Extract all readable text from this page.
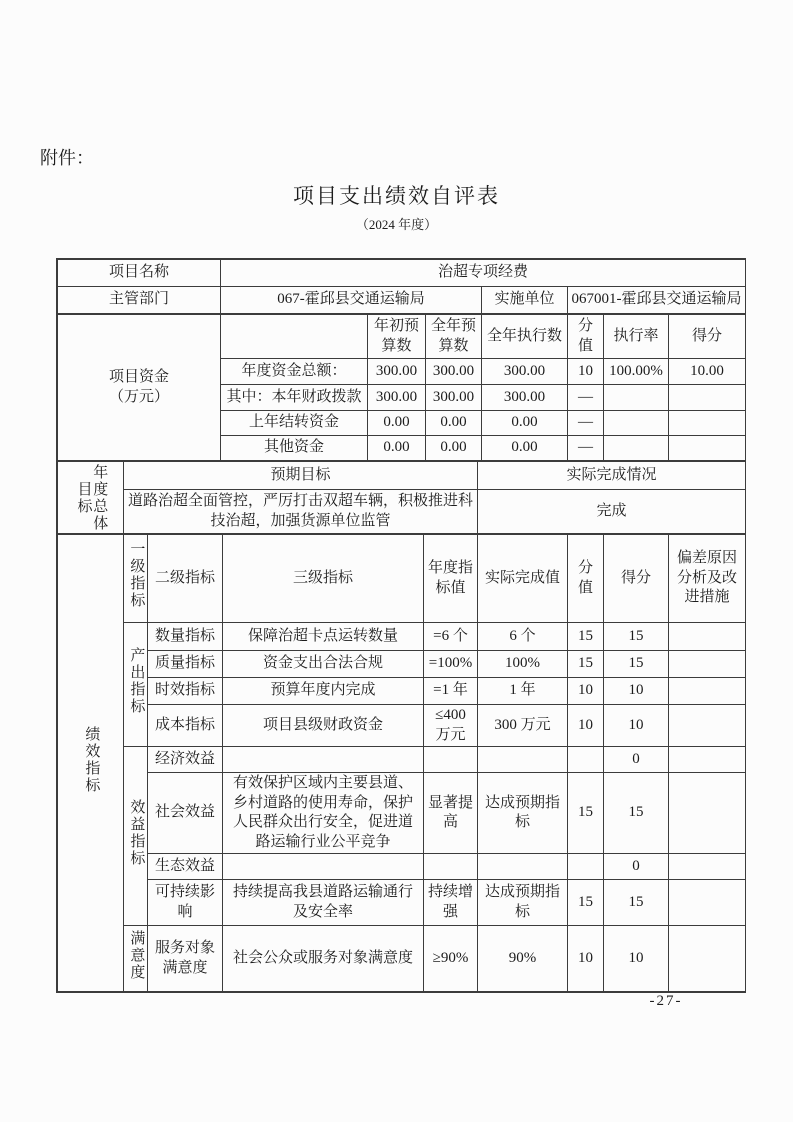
附件：
项目支出绩效自评表
（2024 年度）
项目名称	治超专项经费		
主管部门	067-霍邱县交通运输局	实施单位	067001-霍邱县交通运输局
项目资金
（万元）		年初预算数	全年预算数	全年执行数	分值	执行率	得分
	年度资金总额：	300.00	300.00	300.00	10	100.00%	10.00
	其中：本年财政拨款	300.00	300.00	300.00	—		
	上年结转资金	0.00	0.00	0.00	—		
	其他资金	0.00	0.00	0.00	—		
目标 年度总体	预期目标	实际完成情况
	道路治超全面管控，严厉打击双超车辆，积极推进科技治超，加强货源单位监管	完成
绩效指标	一级指标	二级指标	三级指标	年度指标值	实际完成值	分值	得分	偏差原因分析及改进措施
	产出指标	数量指标	保障治超卡点运转数量	=6 个	6 个	15	15	
		质量指标	资金支出合法合规	=100%	100%	15	15	
		时效指标	预算年度内完成	=1 年	1 年	10	10	
		成本指标	项目县级财政资金	≤400 万元	300 万元	10	10	
	效益指标	经济效益					0	
		社会效益	有效保护区域内主要县道、乡村道路的使用寿命，保护人民群众出行安全，促进道路运输行业公平竞争	显著提高	达成预期指标	15	15	
		生态效益					0	
		可持续影响	持续提高我县道路运输通行及安全率	持续增强	达成预期指标	15	15	
	满意度	服务对象满意度	社会公众或服务对象满意度	≥90%	90%	10	10	
-27-
